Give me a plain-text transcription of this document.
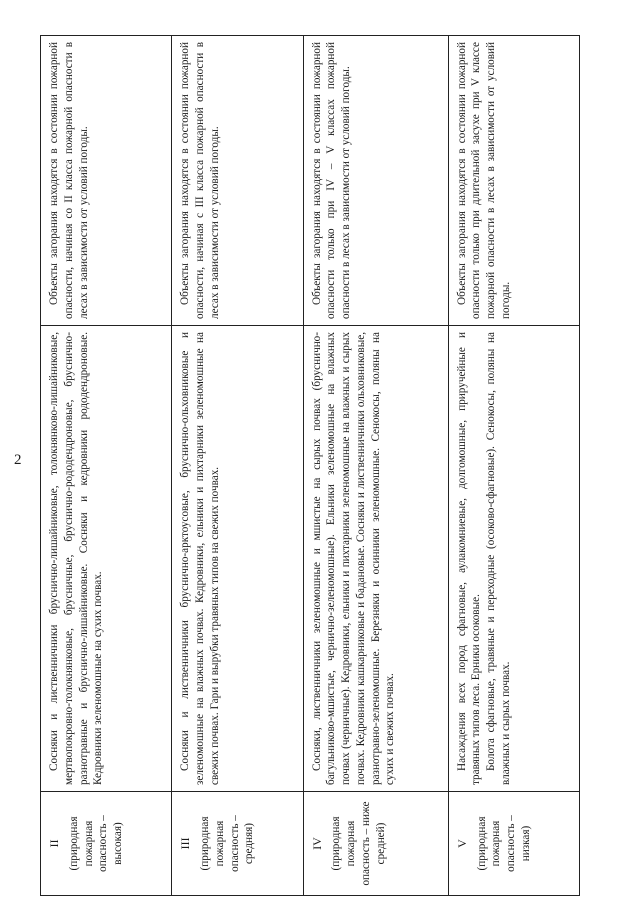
2
II (природная пожарная опасность – высокая)	Сосняки и лиственничники брусничнo-лишайниковые, толокнянково-лишайниковые, мертвопокровно-толокнянковые, брусничные, бруснично-рододендроновые, бруснично-разнотравные и бруснично-лишайниковые. Сосняки и кедровники рододендроновые. Кедровники зеленомошные на сухих почвах.	Объекты загорания находятся в состоянии пожарной опасности, начиная со II класса пожарной опасности в лесах в зависимости от условий погоды.

III (природная пожарная опасность – средняя)	Сосняки и лиственничники бруснично-арктоусовые, бруснично-ольховниковые и зеленомошные на влажных почвах. Кедровники, ельники и пихтарники зеленомошные на свежих почвах. Гари и вырубки травяных типов на свежих почвах.	Объекты загорания находятся в состоянии пожарной опасности, начиная с III класса пожарной опасности в лесах в зависимости от условий погоды.

IV (природная пожарная опасность – ниже средней)	Сосняки, лиственничники зеленомошные и мшистые на сырых почвах (бруснично-багульниково-мшистые, чернично-зеленомошные). Ельники зеленомошные на влажных почвах (черничные). Кедровники, ельники и пихтарники зеленомошные на влажных и сырых почвах. Кедровники кашкарниковые и бадановые. Сосняки и лиственничники ольховниковые, разнотравно-зеленомошные. Березняки и осинники зеленомошные. Сенокосы, поляны на сухих и свежих почвах.	Объекты загорания находятся в состоянии пожарной опасности только при IV – V классах пожарной опасности в лесах в зависимости от условий погоды.

V (природная пожарная опасность – низкая)	Насаждения всех пород сфагновые, аулакомниевые, долгомошные, приручейные и травяных типов леса. Ерники осоковые. Болота сфагновые, травяные и переходные (осоково-сфагновые). Сенокосы, поляны на влажных и сырых почвах.	Объекты загорания находятся в состоянии пожарной опасности только при длительной засухе при V классе пожарной опасности в лесах в зависимости от условий погоды.
